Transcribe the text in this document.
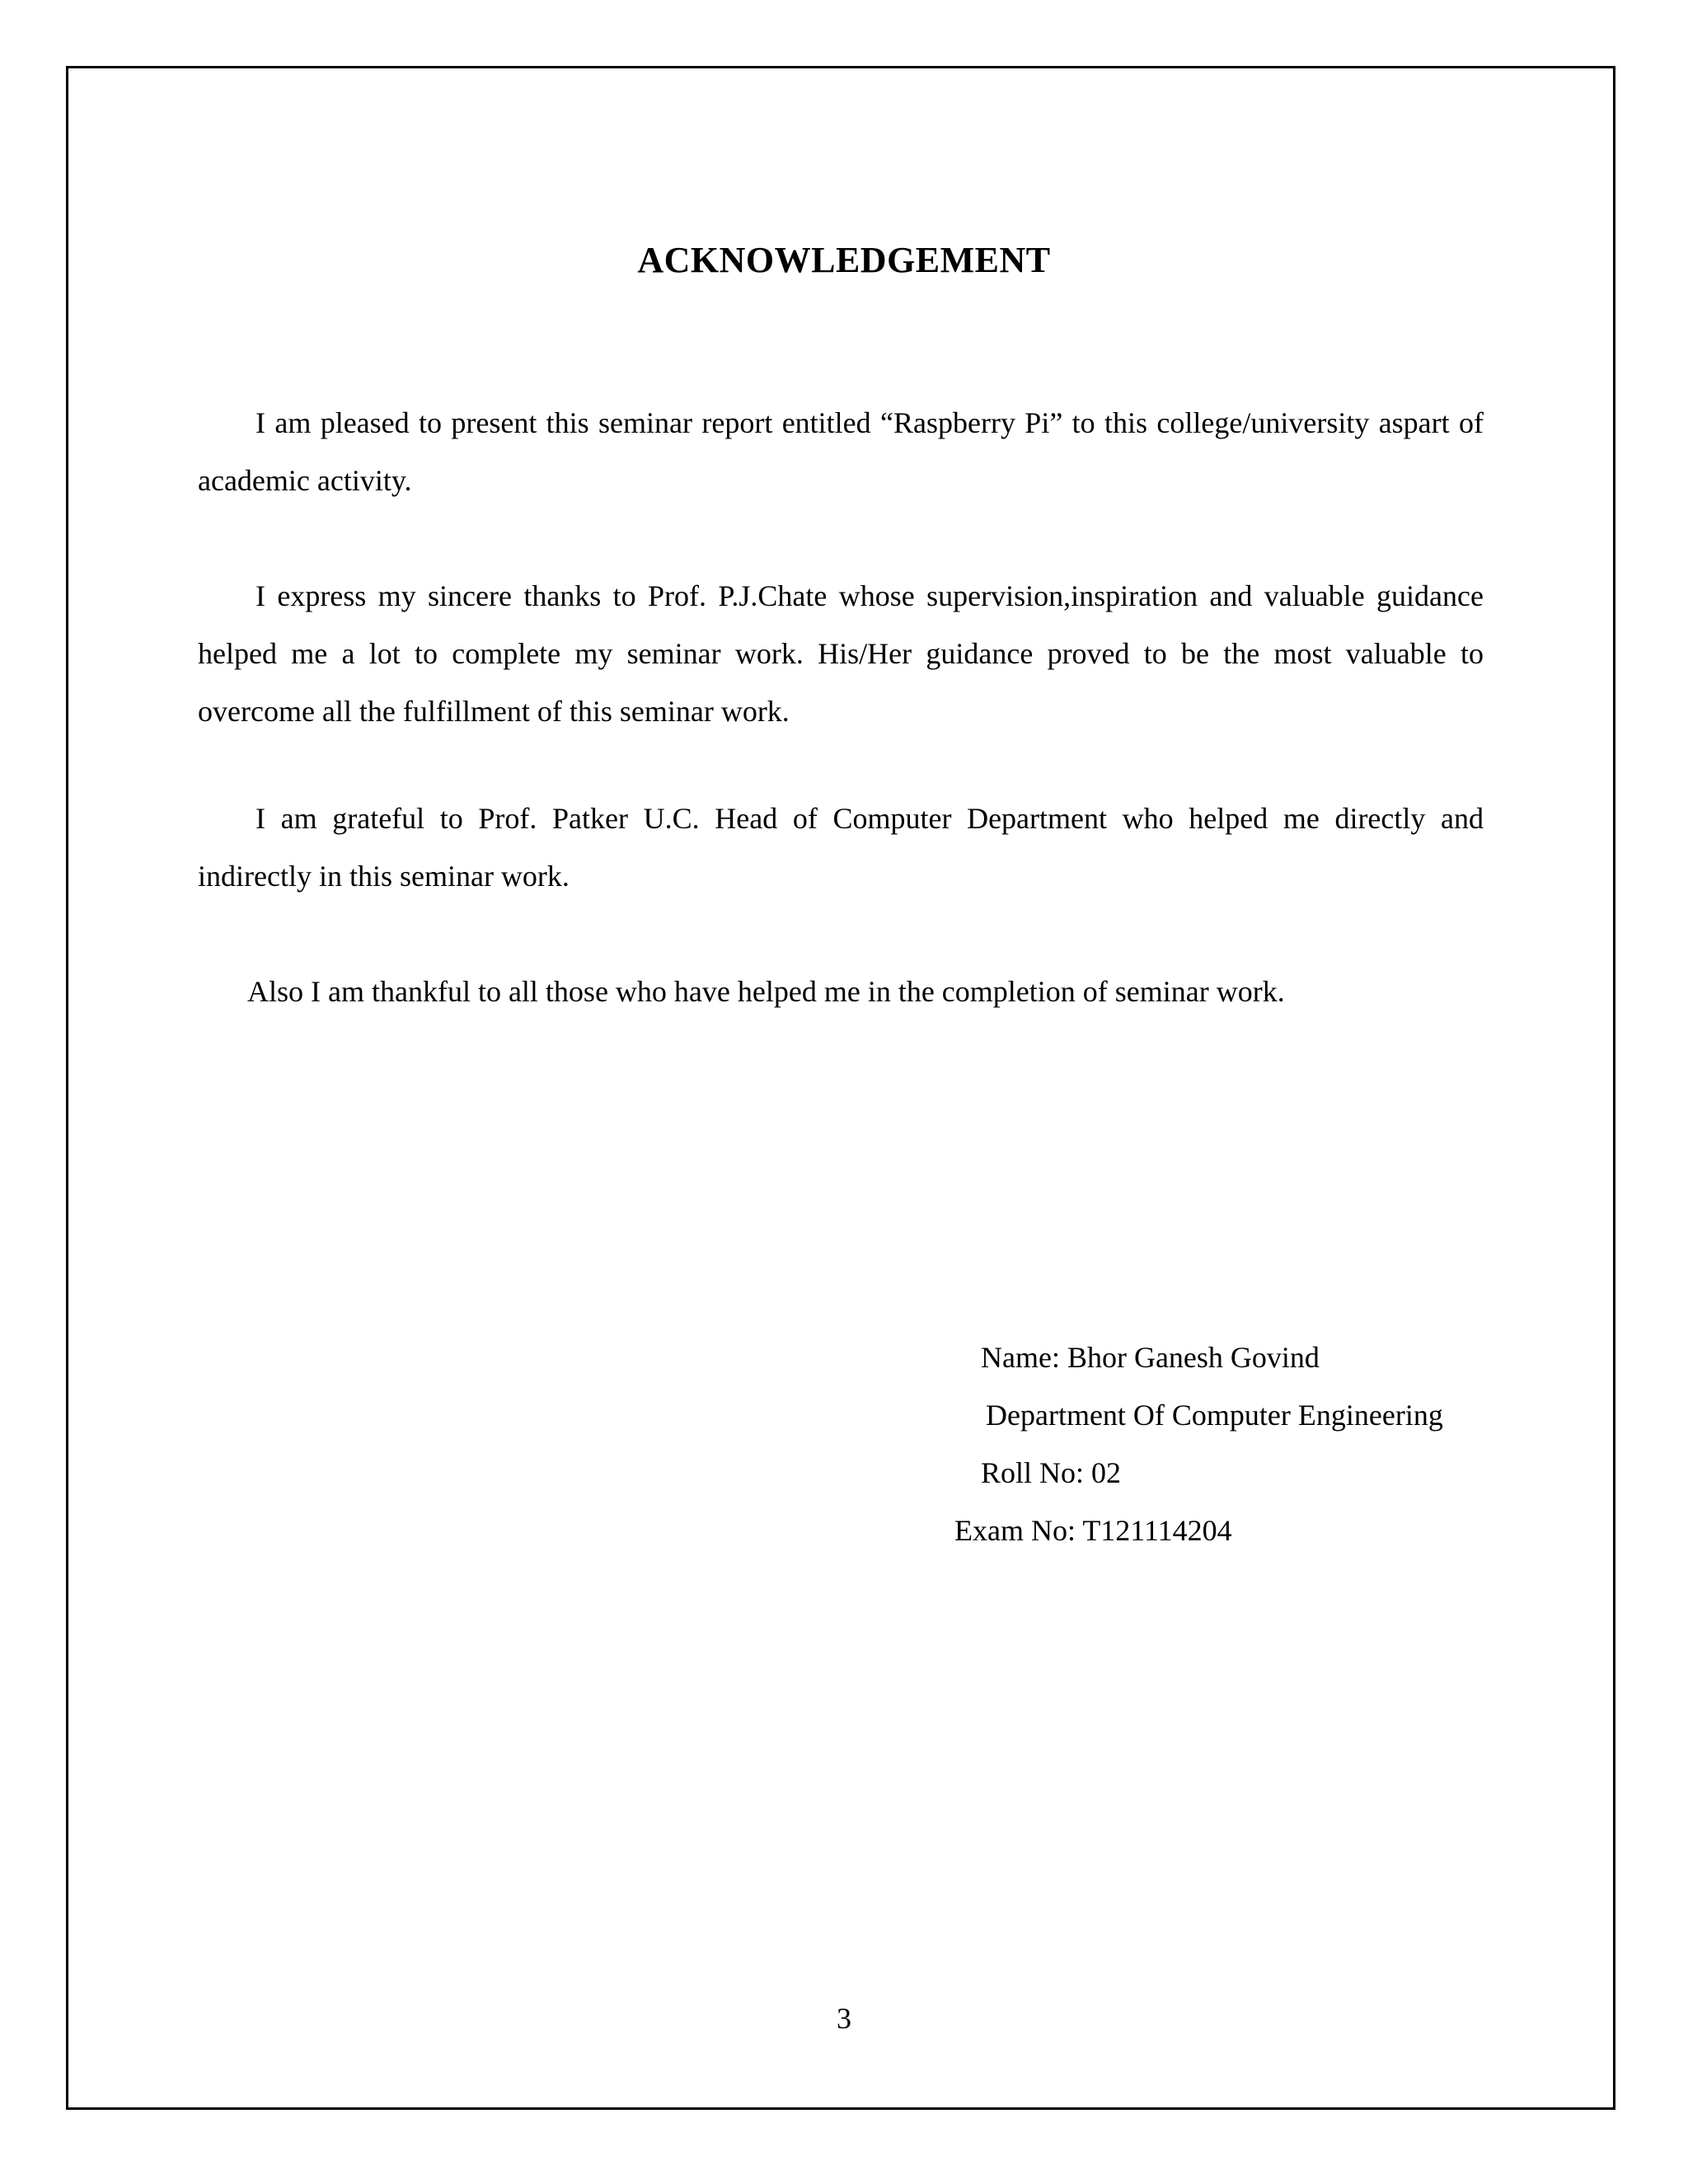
ACKNOWLEDGEMENT

I am pleased to present this seminar report entitled “Raspberry Pi” to this college/university aspart of academic activity.

I express my sincere thanks to Prof. P.J.Chate whose supervision,inspiration and valuable guidance helped me a lot to complete my seminar work. His/Her guidance proved to be the most valuable to overcome all the fulfillment of this seminar work.

I am grateful to Prof. Patker U.C. Head of Computer Department who helped me directly and indirectly in this seminar work.

Also I am thankful to all those who have helped me in the completion of seminar work.

Name: Bhor Ganesh Govind
Department Of Computer Engineering
Roll No: 02
Exam No: T121114204
3
